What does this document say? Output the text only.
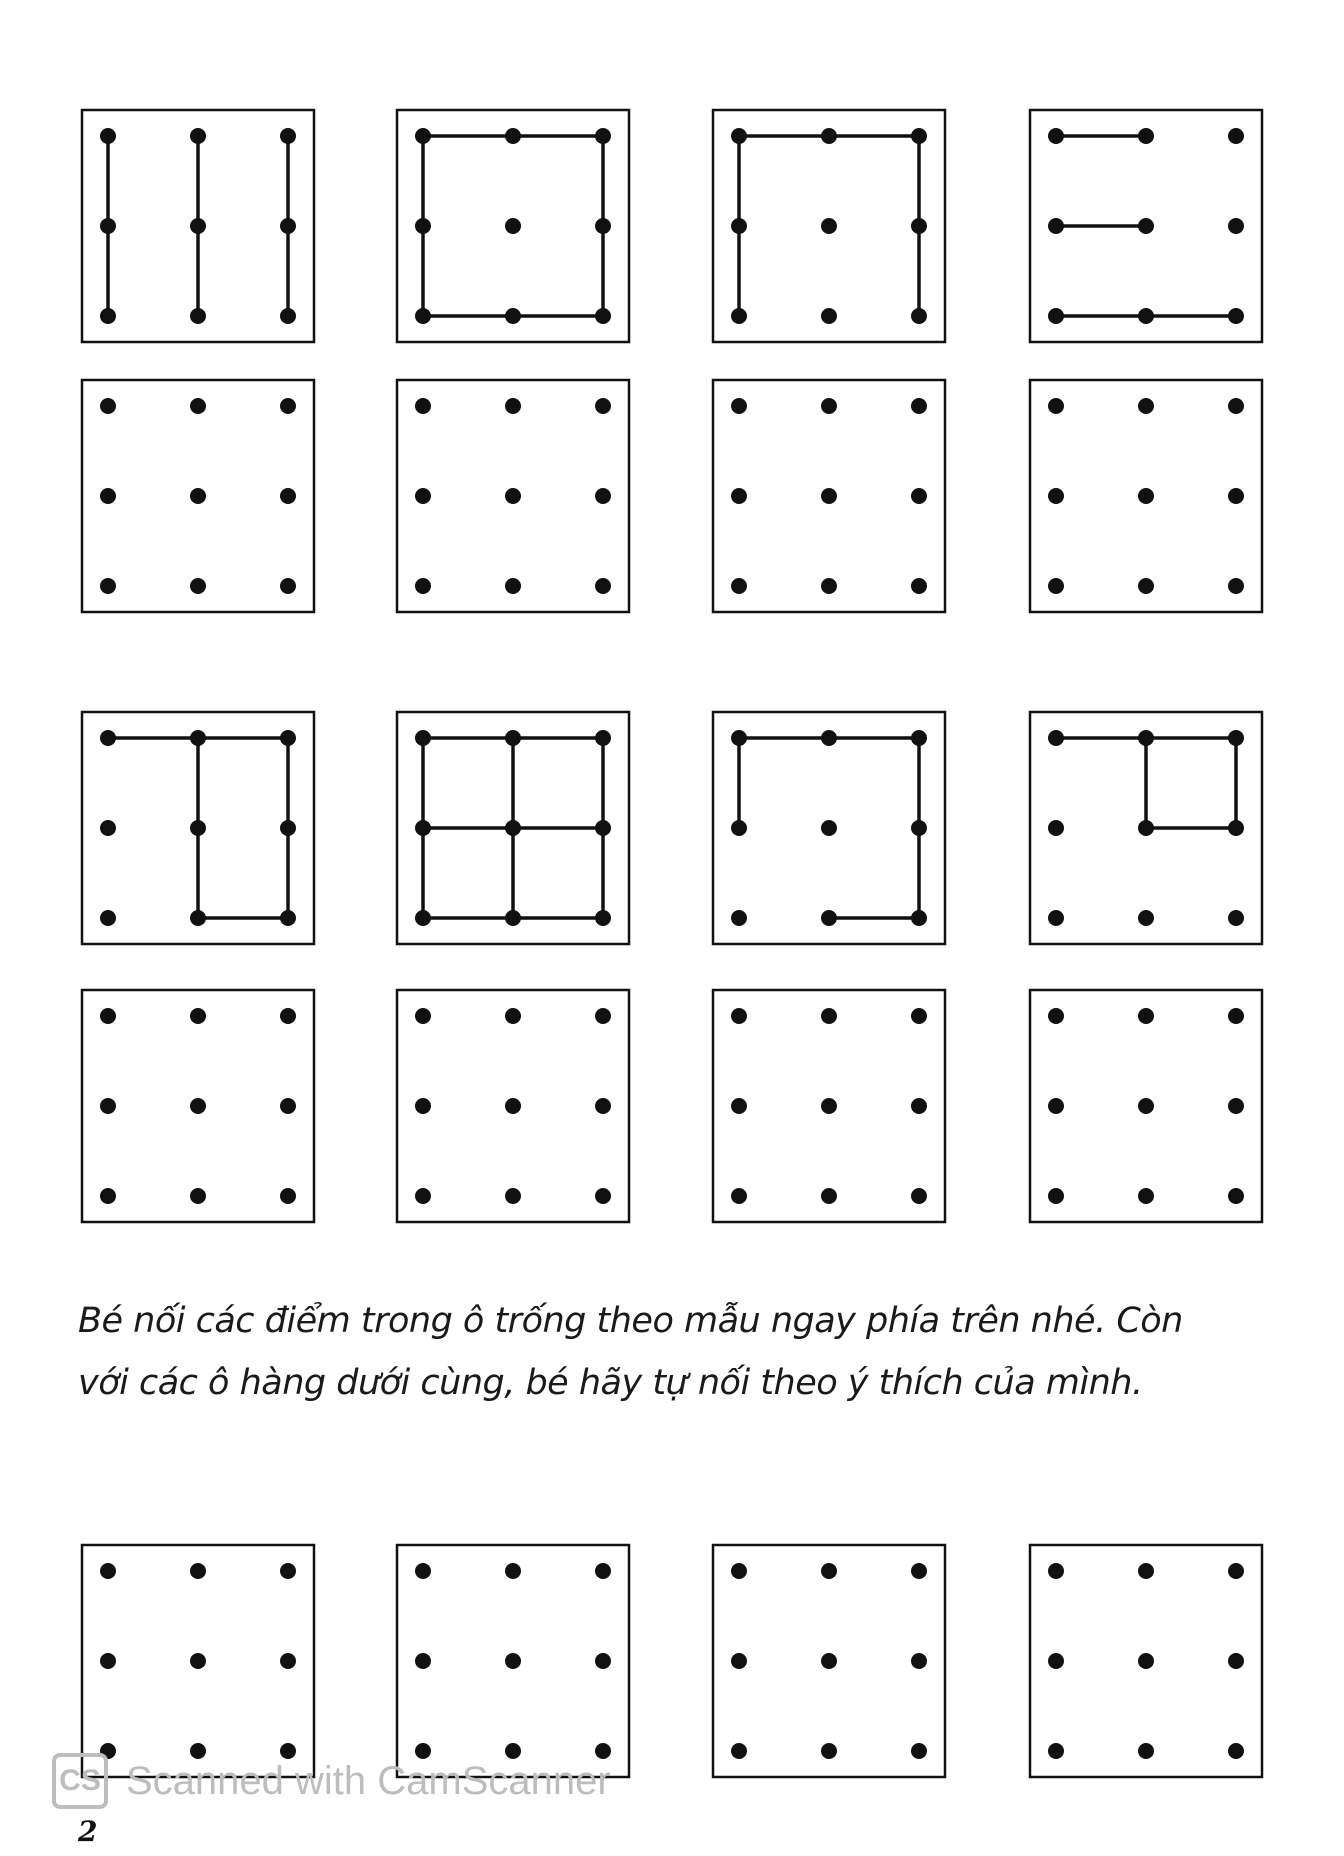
Bé nối các điểm trong ô trống theo mẫu ngay phía trên nhé. Còn
với các ô hàng dưới cùng, bé hãy tự nối theo ý thích của mình.
CS Scanned with CamScanner
2
